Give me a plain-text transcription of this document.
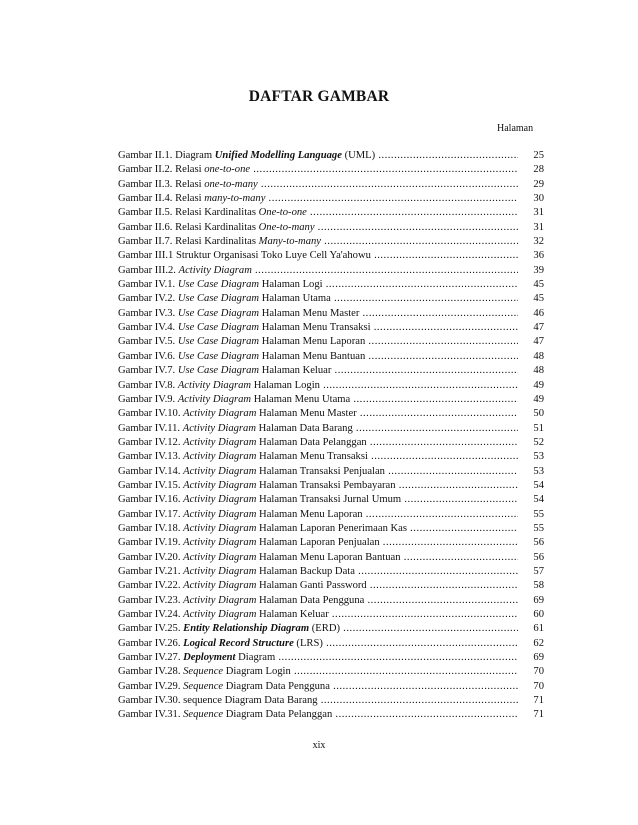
DAFTAR GAMBAR
Halaman
Gambar II.1. Diagram Unified Modelling Language (UML) .....	25
Gambar II.2. Relasi one-to-one .....	28
Gambar II.3. Relasi one-to-many .....	29
Gambar II.4. Relasi many-to-many .....	30
Gambar II.5. Relasi Kardinalitas One-to-one .....	31
Gambar II.6. Relasi Kardinalitas One-to-many .....	31
Gambar II.7. Relasi Kardinalitas Many-to-many .....	32
Gambar III.1 Struktur Organisasi Toko Luye Cell Ya'ahowu .....	36
Gambar III.2. Activity Diagram .....	39
Gambar IV.1. Use Case Diagram Halaman Logi .....	45
Gambar IV.2. Use Case Diagram Halaman Utama .....	45
Gambar IV.3. Use Case Diagram Halaman Menu Master .....	46
Gambar IV.4. Use Case Diagram Halaman Menu Transaksi .....	47
Gambar IV.5. Use Case Diagram Halaman Menu Laporan .....	47
Gambar IV.6. Use Case Diagram Halaman Menu Bantuan .....	48
Gambar IV.7. Use Case Diagram Halaman Keluar .....	48
Gambar IV.8. Activity Diagram Halaman Login .....	49
Gambar IV.9. Activity Diagram Halaman Menu Utama .....	49
Gambar IV.10. Activity Diagram Halaman Menu Master .....	50
Gambar IV.11. Activity Diagram Halaman Data Barang .....	51
Gambar IV.12. Activity Diagram Halaman Data Pelanggan .....	52
Gambar IV.13. Activity Diagram Halaman Menu Transaksi .....	53
Gambar IV.14. Activity Diagram Halaman Transaksi Penjualan .....	53
Gambar IV.15. Activity Diagram Halaman Transaksi Pembayaran .....	54
Gambar IV.16. Activity Diagram Halaman Transaksi Jurnal Umum .....	54
Gambar IV.17. Activity Diagram Halaman Menu Laporan .....	55
Gambar IV.18. Activity Diagram Halaman Laporan Penerimaan Kas .....	55
Gambar IV.19. Activity Diagram Halaman Laporan Penjualan .....	56
Gambar IV.20. Activity Diagram Halaman Menu Laporan Bantuan .....	56
Gambar IV.21. Activity Diagram Halaman Backup Data .....	57
Gambar IV.22. Activity Diagram Halaman Ganti Password .....	58
Gambar IV.23. Activity Diagram Halaman Data Pengguna .....	69
Gambar IV.24. Activity Diagram Halaman Keluar .....	60
Gambar IV.25. Entity Relationship Diagram (ERD) .....	61
Gambar IV.26. Logical Record Structure (LRS) .....	62
Gambar IV.27. Deployment Diagram .....	69
Gambar IV.28. Sequence Diagram Login .....	70
Gambar IV.29. Sequence Diagram Data Pengguna .....	70
Gambar IV.30. sequence Diagram Data Barang .....	71
Gambar IV.31. Sequence Diagram Data Pelanggan .....	71
xix
